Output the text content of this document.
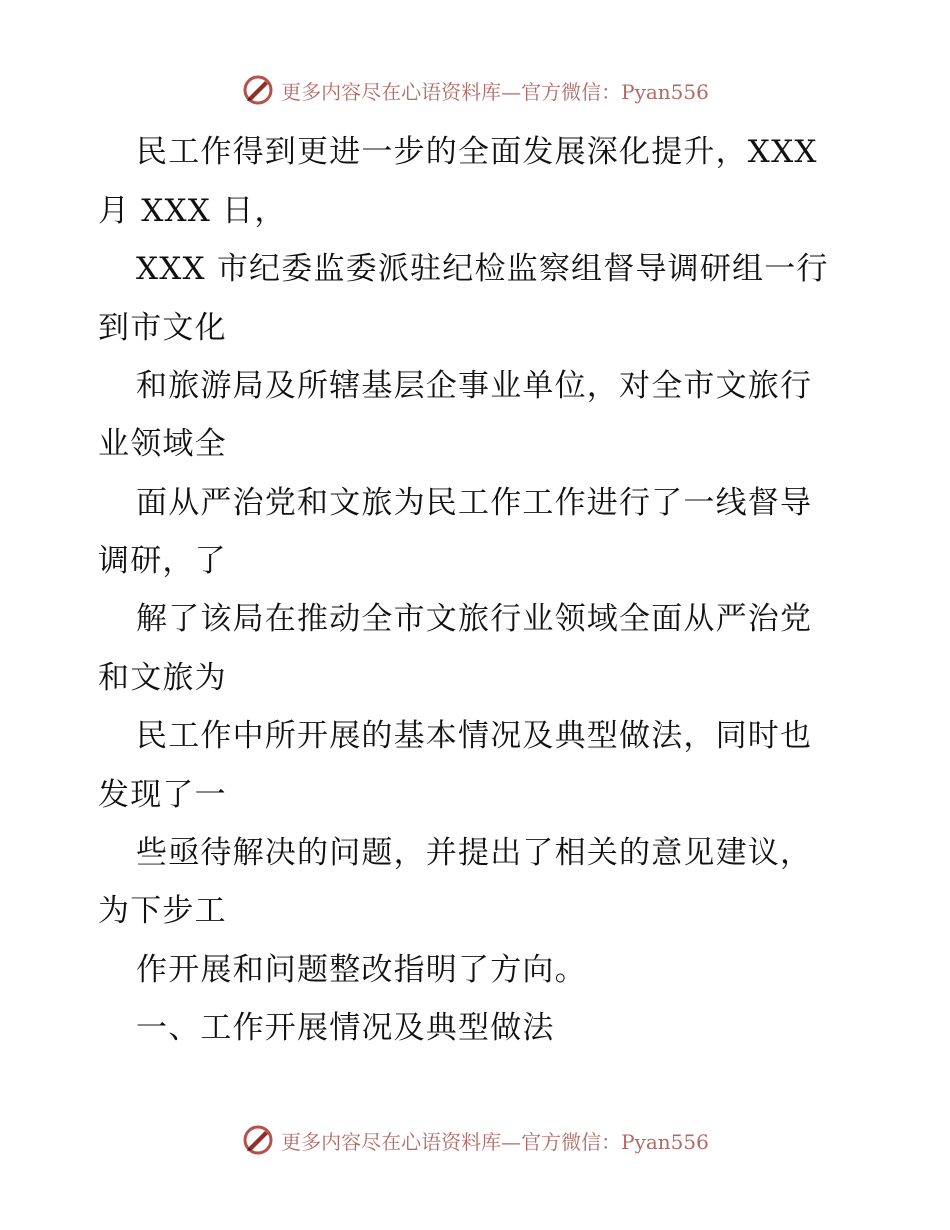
更多内容尽在心语资料库—官方微信：Pyan556
民工作得到更进一步的全面发展深化提升，XXX
月 XXX 日，
XXX 市纪委监委派驻纪检监察组督导调研组一行
到市文化
和旅游局及所辖基层企事业单位，对全市文旅行
业领域全
面从严治党和文旅为民工作工作进行了一线督导
调研，了
解了该局在推动全市文旅行业领域全面从严治党
和文旅为
民工作中所开展的基本情况及典型做法，同时也
发现了一
些亟待解决的问题，并提出了相关的意见建议，
为下步工
作开展和问题整改指明了方向。
一、工作开展情况及典型做法
更多内容尽在心语资料库—官方微信：Pyan556
